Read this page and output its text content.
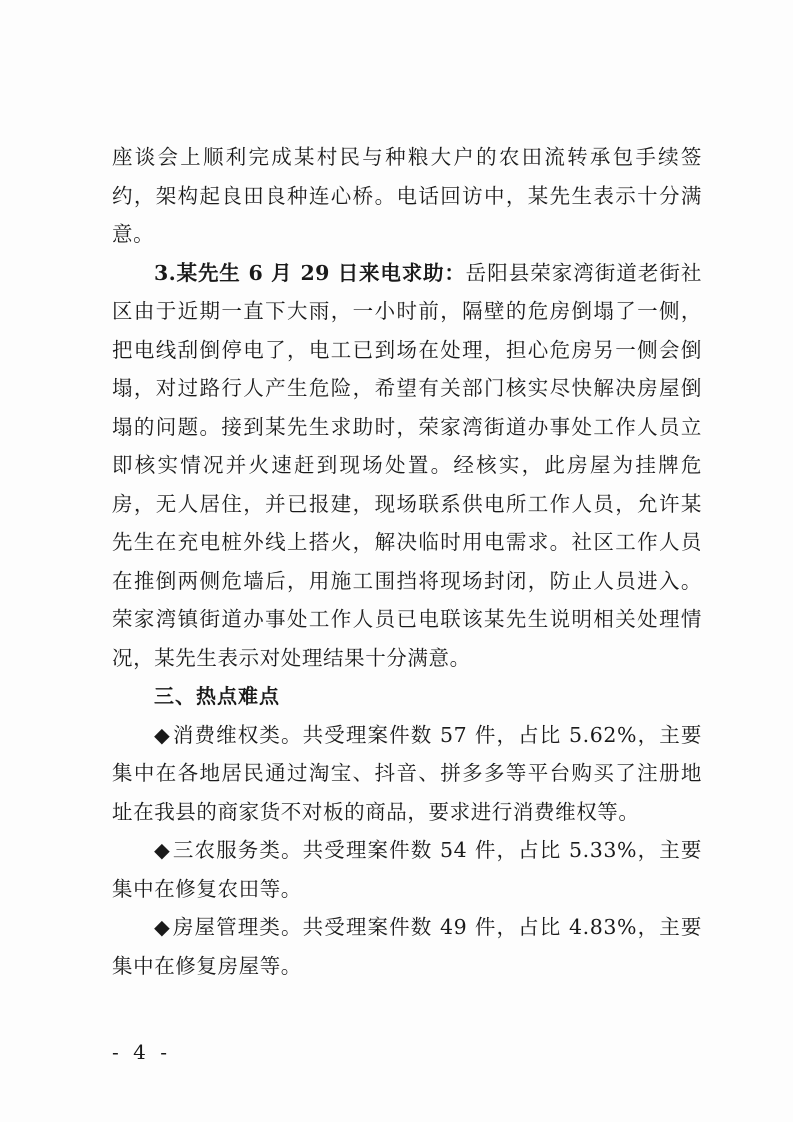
座谈会上顺利完成某村民与种粮大户的农田流转承包手续签约，架构起良田良种连心桥。电话回访中，某先生表示十分满意。

3.某先生 6 月 29 日来电求助：岳阳县荣家湾街道老街社区由于近期一直下大雨，一小时前，隔壁的危房倒塌了一侧，把电线刮倒停电了，电工已到场在处理，担心危房另一侧会倒塌，对过路行人产生危险，希望有关部门核实尽快解决房屋倒塌的问题。接到某先生求助时，荣家湾街道办事处工作人员立即核实情况并火速赶到现场处置。经核实，此房屋为挂牌危房，无人居住，并已报建，现场联系供电所工作人员，允许某先生在充电桩外线上搭火，解决临时用电需求。社区工作人员在推倒两侧危墙后，用施工围挡将现场封闭，防止人员进入。荣家湾镇街道办事处工作人员已电联该某先生说明相关处理情况，某先生表示对处理结果十分满意。

三、热点难点

◆消费维权类。共受理案件数 57 件，占比 5.62%，主要集中在各地居民通过淘宝、抖音、拼多多等平台购买了注册地址在我县的商家货不对板的商品，要求进行消费维权等。

◆三农服务类。共受理案件数 54 件，占比 5.33%，主要集中在修复农田等。

◆房屋管理类。共受理案件数 49 件，占比 4.83%，主要集中在修复房屋等。

- 4 -
